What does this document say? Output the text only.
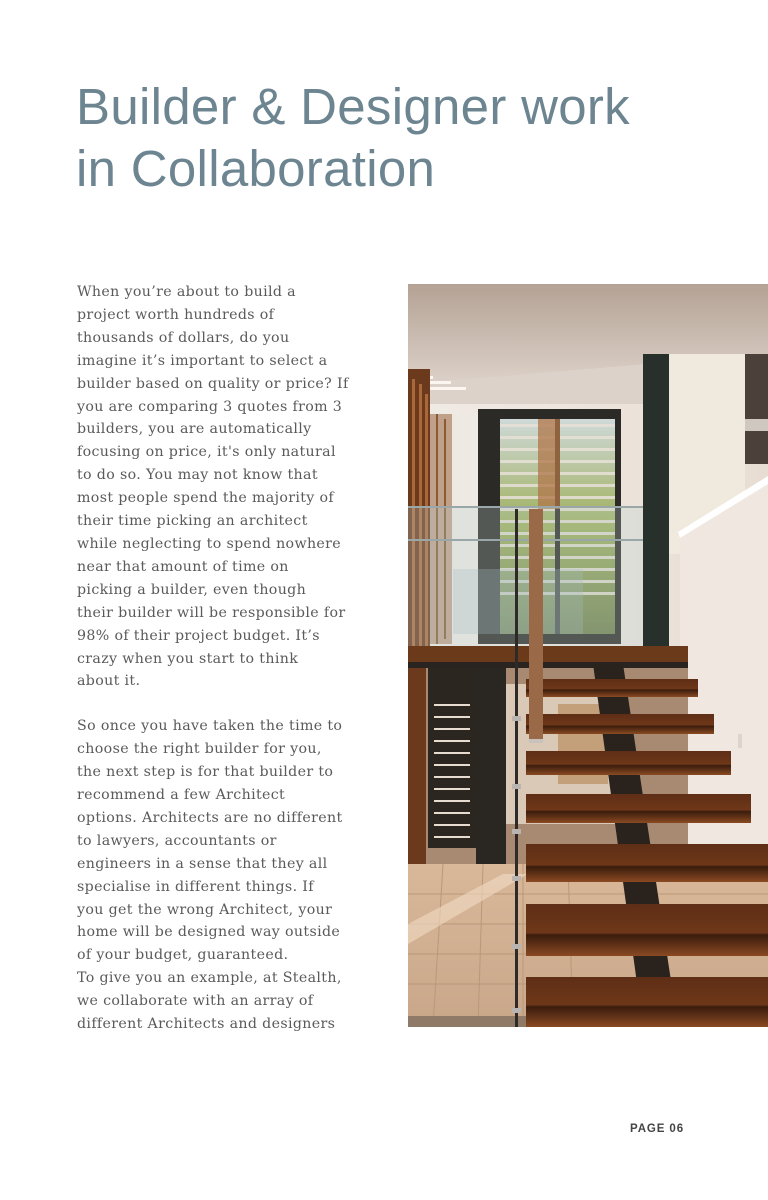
Builder & Designer work
in Collaboration
When you’re about to build a
project worth hundreds of
thousands of dollars, do you
imagine it’s important to select a
builder based on quality or price? If
you are comparing 3 quotes from 3
builders, you are automatically
focusing on price, it's only natural
to do so. You may not know that
most people spend the majority of
their time picking an architect
while neglecting to spend nowhere
near that amount of time on
picking a builder, even though
their builder will be responsible for
98% of their project budget. It’s
crazy when you start to think
about it.
So once you have taken the time to
choose the right builder for you,
the next step is for that builder to
recommend a few Architect
options. Architects are no different
to lawyers, accountants or
engineers in a sense that they all
specialise in different things. If
you get the wrong Architect, your
home will be designed way outside
of your budget, guaranteed.
To give you an example, at Stealth,
we collaborate with an array of
different Architects and designers
PAGE 06
